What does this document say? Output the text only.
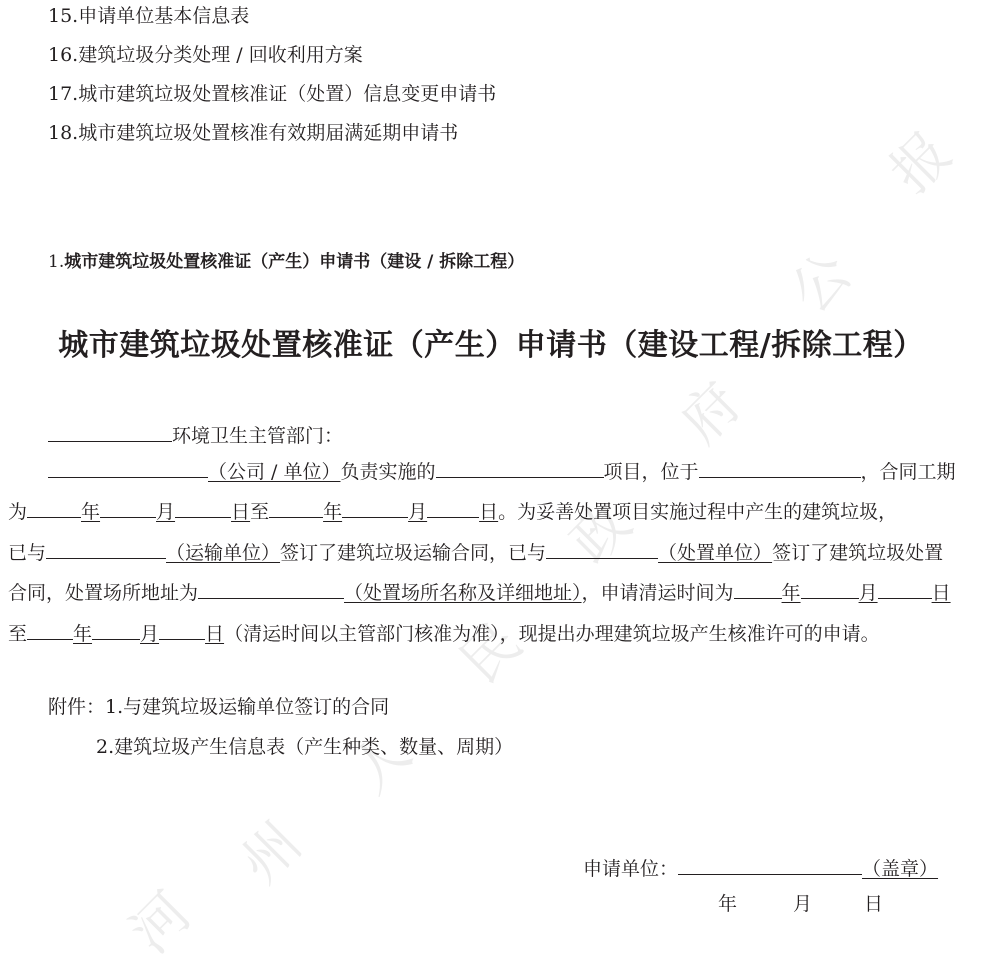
报
公
府
政
民
人
州
河
15.申请单位基本信息表
16.建筑垃圾分类处理 / 回收利用方案
17.城市建筑垃圾处置核准证（处置）信息变更申请书
18.城市建筑垃圾处置核准有效期届满延期申请书
1.城市建筑垃圾处置核准证（产生）申请书（建设 / 拆除工程）
城市建筑垃圾处置核准证（产生）申请书（建设工程/拆除工程）
环境卫生主管部门：
（公司 / 单位）负责实施的	项目，位于	，合同工期
为	年	月	日至	年	月	日。为妥善处置项目实施过程中产生的建筑垃圾，
已与	（运输单位）签订了建筑垃圾运输合同，已与	（处置单位）签订了建筑垃圾处置
合同，处置场所地址为	（处置场所名称及详细地址），申请清运时间为	年	月	日
至 年	月 日（清运时间以主管部门核准为准），现提出办理建筑垃圾产生核准许可的申请。
附件：1.与建筑垃圾运输单位签订的合同
2.建筑垃圾产生信息表（产生种类、数量、周期）
申请单位：	（盖章）
年	月	日
